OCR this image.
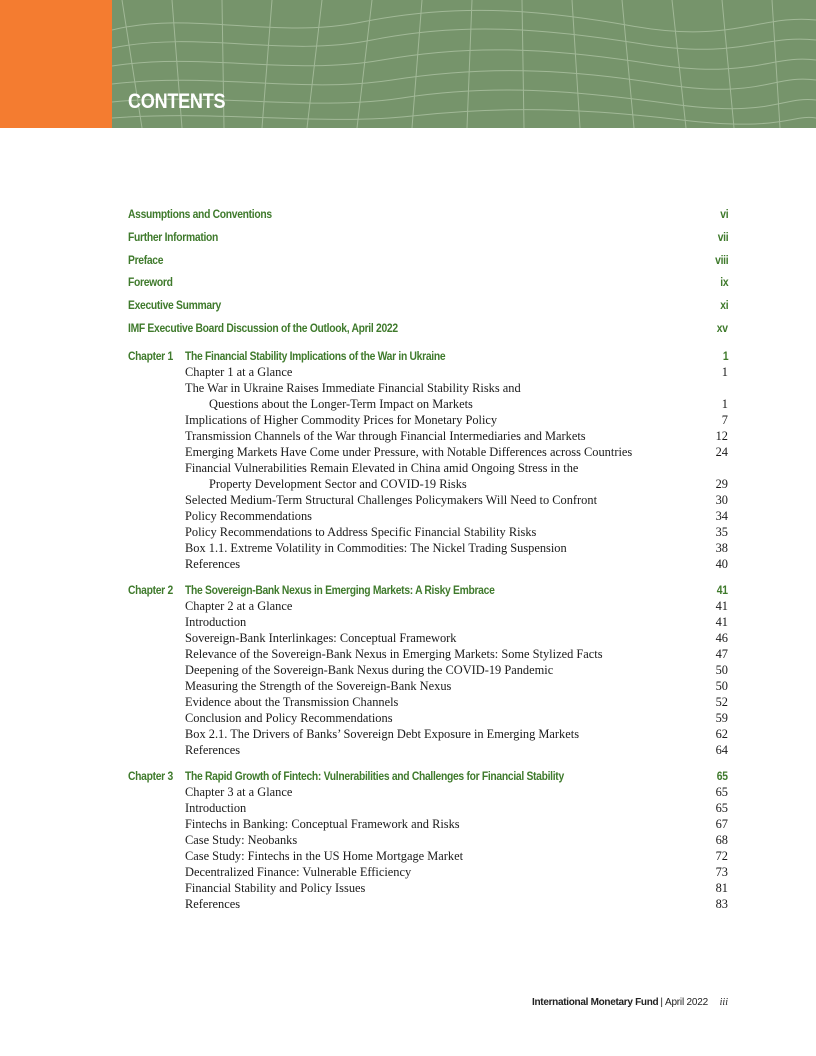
CONTENTS
Assumptions and Conventions	vi
Further Information	vii
Preface	viii
Foreword	ix
Executive Summary	xi
IMF Executive Board Discussion of the Outlook, April 2022	xv
Chapter 1 The Financial Stability Implications of the War in Ukraine	1
Chapter 1 at a Glance	1
The War in Ukraine Raises Immediate Financial Stability Risks and
Questions about the Longer-Term Impact on Markets	1
Implications of Higher Commodity Prices for Monetary Policy	7
Transmission Channels of the War through Financial Intermediaries and Markets	12
Emerging Markets Have Come under Pressure, with Notable Differences across Countries	24
Financial Vulnerabilities Remain Elevated in China amid Ongoing Stress in the
Property Development Sector and COVID-19 Risks	29
Selected Medium-Term Structural Challenges Policymakers Will Need to Confront	30
Policy Recommendations	34
Policy Recommendations to Address Specific Financial Stability Risks	35
Box 1.1. Extreme Volatility in Commodities: The Nickel Trading Suspension	38
References	40
Chapter 2 The Sovereign-Bank Nexus in Emerging Markets: A Risky Embrace	41
Chapter 2 at a Glance	41
Introduction	41
Sovereign-Bank Interlinkages: Conceptual Framework	46
Relevance of the Sovereign-Bank Nexus in Emerging Markets: Some Stylized Facts	47
Deepening of the Sovereign-Bank Nexus during the COVID-19 Pandemic	50
Measuring the Strength of the Sovereign-Bank Nexus	50
Evidence about the Transmission Channels	52
Conclusion and Policy Recommendations	59
Box 2.1. The Drivers of Banks’ Sovereign Debt Exposure in Emerging Markets	62
References	64
Chapter 3 The Rapid Growth of Fintech: Vulnerabilities and Challenges for Financial Stability	65
Chapter 3 at a Glance	65
Introduction	65
Fintechs in Banking: Conceptual Framework and Risks	67
Case Study: Neobanks	68
Case Study: Fintechs in the US Home Mortgage Market	72
Decentralized Finance: Vulnerable Efficiency	73
Financial Stability and Policy Issues	81
References	83
International Monetary Fund | April 2022 iii
